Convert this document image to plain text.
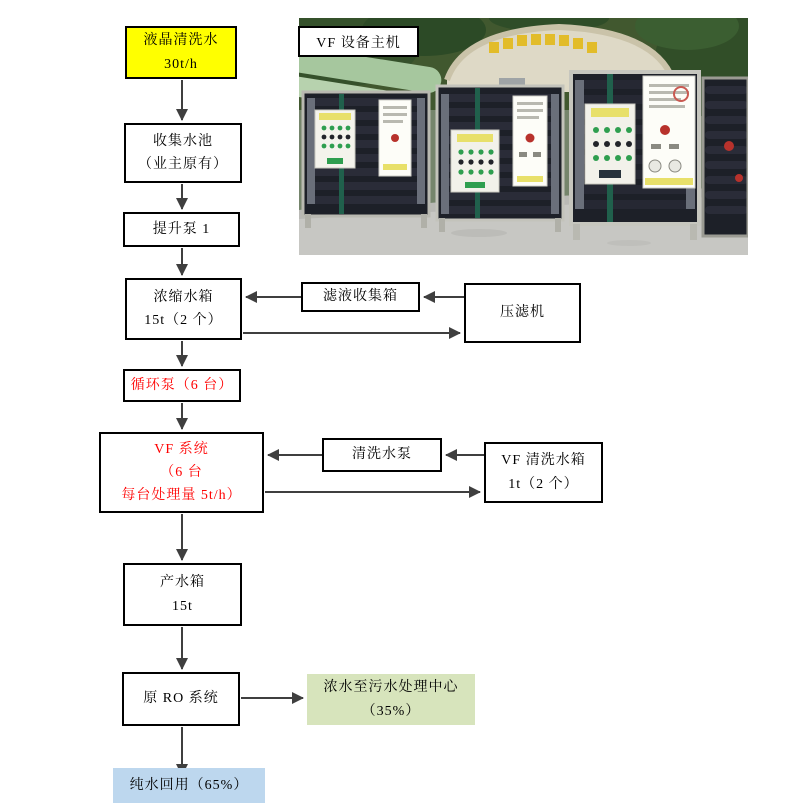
VF 设备主机
液晶清洗水
30t/h
收集水池
（业主原有）
提升泵 1
浓缩水箱
15t（2 个）
循环泵（6 台）
VF 系统
（6 台
每台处理量 5t/h）
产水箱
15t
原 RO 系统
纯水回用（65%）
滤液收集箱
压滤机
清洗水泵	VF 清洗水箱
1t（2 个）
浓水至污水处理中心
（35%）
